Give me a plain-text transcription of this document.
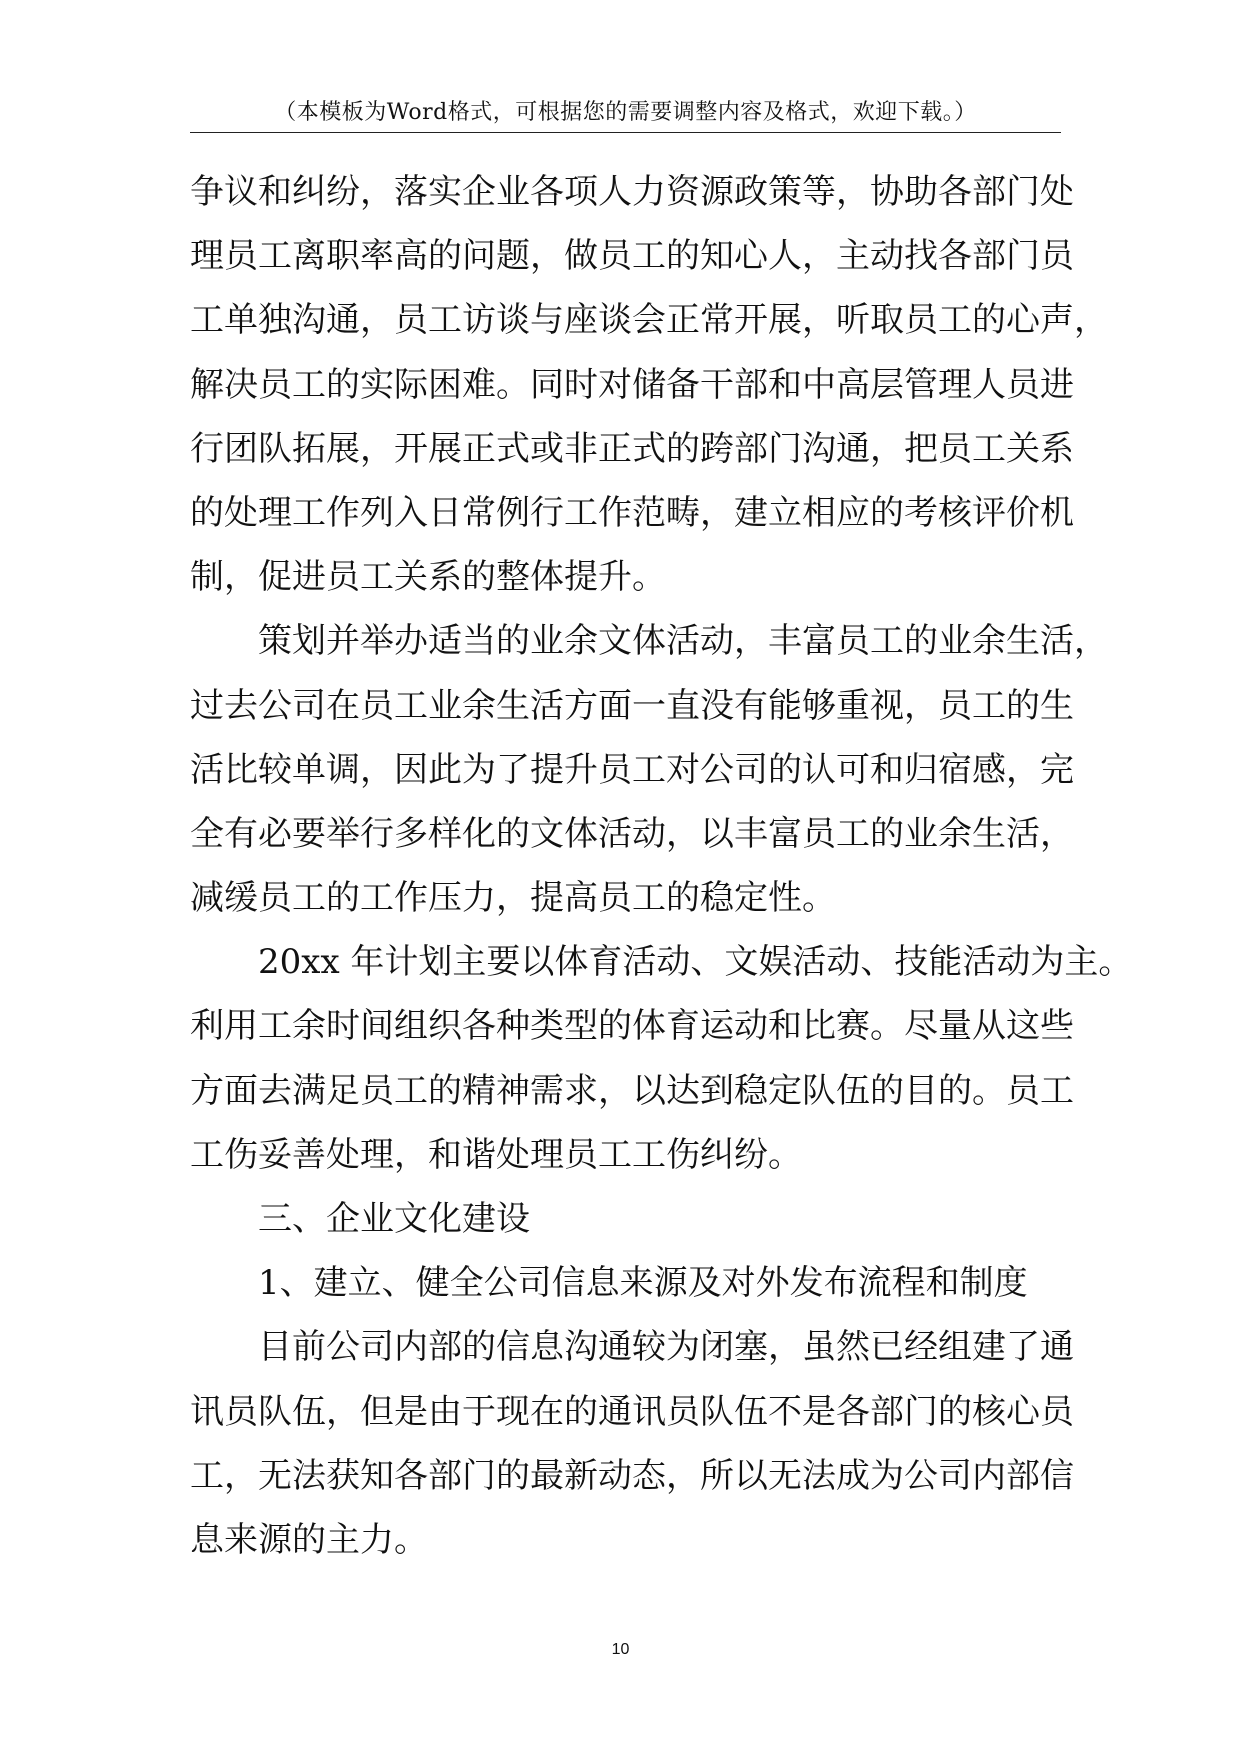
（本模板为Word格式，可根据您的需要调整内容及格式，欢迎下载。）
争议和纠纷，落实企业各项人力资源政策等，协助各部门处
理员工离职率高的问题，做员工的知心人，主动找各部门员
工单独沟通，员工访谈与座谈会正常开展，听取员工的心声，
解决员工的实际困难。同时对储备干部和中高层管理人员进
行团队拓展，开展正式或非正式的跨部门沟通，把员工关系
的处理工作列入日常例行工作范畴，建立相应的考核评价机
制，促进员工关系的整体提升。
策划并举办适当的业余文体活动，丰富员工的业余生活，
过去公司在员工业余生活方面一直没有能够重视，员工的生
活比较单调，因此为了提升员工对公司的认可和归宿感，完
全有必要举行多样化的文体活动，以丰富员工的业余生活，
减缓员工的工作压力，提高员工的稳定性。
20xx 年计划主要以体育活动、文娱活动、技能活动为主。
利用工余时间组织各种类型的体育运动和比赛。尽量从这些
方面去满足员工的精神需求，以达到稳定队伍的目的。员工
工伤妥善处理，和谐处理员工工伤纠纷。
三、企业文化建设
1、建立、健全公司信息来源及对外发布流程和制度
目前公司内部的信息沟通较为闭塞，虽然已经组建了通
讯员队伍，但是由于现在的通讯员队伍不是各部门的核心员
工，无法获知各部门的最新动态，所以无法成为公司内部信
息来源的主力。
10
